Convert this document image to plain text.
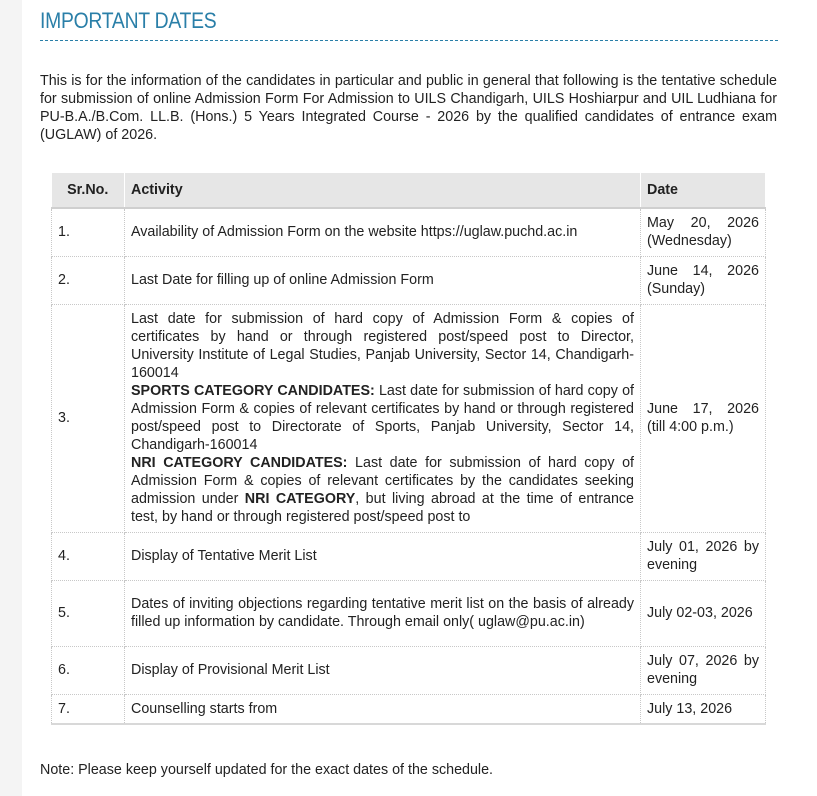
IMPORTANT DATES

This is for the information of the candidates in particular and public in general that following is the tentative schedule for submission of online Admission Form For Admission to UILS Chandigarh, UILS Hoshiarpur and UIL Ludhiana for PU-B.A./B.Com. LL.B. (Hons.) 5 Years Integrated Course - 2026 by the qualified candidates of entrance exam (UGLAW) of 2026.

Sr.No.	Activity	Date
1.	Availability of Admission Form on the website https://uglaw.puchd.ac.in	May 20, 2026 (Wednesday)
2.	Last Date for filling up of online Admission Form	June 14, 2026 (Sunday)
3.	Last date for submission of hard copy of Admission Form & copies of certificates by hand or through registered post/speed post to Director, University Institute of Legal Studies, Panjab University, Sector 14, Chandigarh-160014
SPORTS CATEGORY CANDIDATES: Last date for submission of hard copy of Admission Form & copies of relevant certificates by hand or through registered post/speed post to Directorate of Sports, Panjab University, Sector 14, Chandigarh-160014
NRI CATEGORY CANDIDATES: Last date for submission of hard copy of Admission Form & copies of relevant certificates by the candidates seeking admission under NRI CATEGORY, but living abroad at the time of entrance test, by hand or through registered post/speed post to	June 17, 2026 (till 4:00 p.m.)
4.	Display of Tentative Merit List	July 01, 2026 by evening
5.	Dates of inviting objections regarding tentative merit list on the basis of already filled up information by candidate. Through email only( uglaw@pu.ac.in)	July 02-03, 2026
6.	Display of Provisional Merit List	July 07, 2026 by evening
7.	Counselling starts from	July 13, 2026

Note: Please keep yourself updated for the exact dates of the schedule.
